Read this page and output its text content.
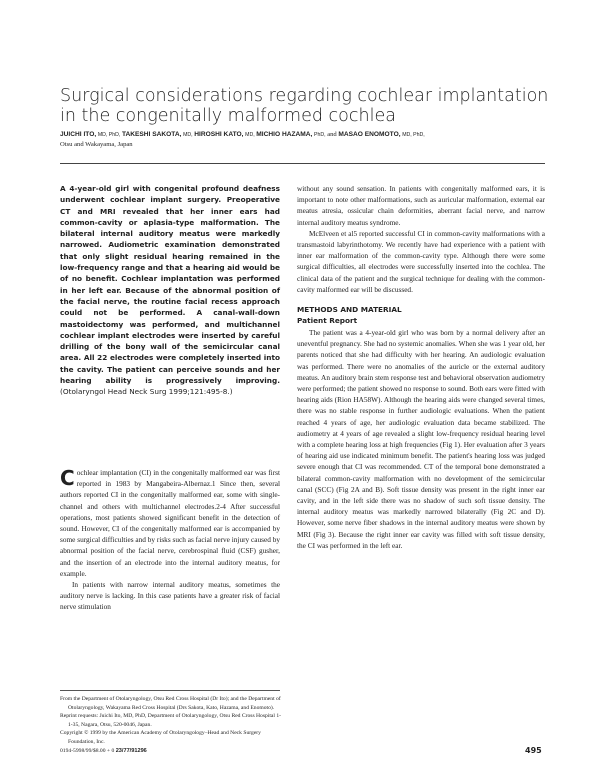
Surgical considerations regarding cochlear implantation in the congenitally malformed cochlea
JUICHI ITO, MD, PhD, TAKESHI SAKOTA, MD, HIROSHI KATO, MD, MICHIO HAZAMA, PhD, and MASAO ENOMOTO, MD, PhD,
Otsu and Wakayama, Japan

A 4-year-old girl with congenital profound deafness underwent cochlear implant surgery. Preoperative CT and MRI revealed that her inner ears had common-cavity or aplasia-type malformation. The bilateral internal auditory meatus were markedly narrowed. Audiometric examination demonstrated that only slight residual hearing remained in the low-frequency range and that a hearing aid would be of no benefit. Cochlear implantation was performed in her left ear. Because of the abnormal position of the facial nerve, the routine facial recess approach could not be performed. A canal-wall-down mastoidectomy was performed, and multichannel cochlear implant electrodes were inserted by careful drilling of the bony wall of the semicircular canal area. All 22 electrodes were completely inserted into the cavity. The patient can perceive sounds and her hearing ability is progressively improving. (Otolaryngol Head Neck Surg 1999;121:495-8.)

Cochlear implantation (CI) in the congenitally malformed ear was first reported in 1983 by Mangabeira-Albernaz.1 Since then, several authors reported CI in the congenitally malformed ear, some with single-channel and others with multichannel electrodes.2-4 After successful operations, most patients showed significant benefit in the detection of sound. However, CI of the congenitally malformed ear is accompanied by some surgical difficulties and by risks such as facial nerve injury caused by abnormal position of the facial nerve, cerebrospinal fluid (CSF) gusher, and the insertion of an electrode into the internal auditory meatus, for example.

In patients with narrow internal auditory meatus, sometimes the auditory nerve is lacking. In this case patients have a greater risk of facial nerve stimulation

without any sound sensation. In patients with congenitally malformed ears, it is important to note other malformations, such as auricular malformation, external ear meatus atresia, ossicular chain deformities, aberrant facial nerve, and narrow internal auditory meatus syndrome.

McElveen et al5 reported successful CI in common-cavity malformations with a transmastoid labyrinthotomy. We recently have had experience with a patient with inner ear malformation of the common-cavity type. Although there were some surgical difficulties, all electrodes were successfully inserted into the cochlea. The clinical data of the patient and the surgical technique for dealing with the common-cavity malformed ear will be discussed.

METHODS AND MATERIAL
Patient Report

The patient was a 4-year-old girl who was born by a normal delivery after an uneventful pregnancy. She had no systemic anomalies. When she was 1 year old, her parents noticed that she had difficulty with her hearing. An audiologic evaluation was performed. There were no anomalies of the auricle or the external auditory meatus. An auditory brain stem response test and behavioral observation audiometry were performed; the patient showed no response to sound. Both ears were fitted with hearing aids (Rion HA58W). Although the hearing aids were changed several times, there was no stable response in further audiologic evaluations. When the patient reached 4 years of age, her audiologic evaluation data became stabilized. The audiometry at 4 years of age revealed a slight low-frequency residual hearing level with a complete hearing loss at high frequencies (Fig 1). Her evaluation after 3 years of hearing aid use indicated minimum benefit. The patient's hearing loss was judged severe enough that CI was recommended. CT of the temporal bone demonstrated a bilateral common-cavity malformation with no development of the semicircular canal (SCC) (Fig 2A and B). Soft tissue density was present in the right inner ear cavity, and in the left side there was no shadow of such soft tissue density. The internal auditory meatus was markedly narrowed bilaterally (Fig 2C and D). However, some nerve fiber shadows in the internal auditory meatus were shown by MRI (Fig 3). Because the right inner ear cavity was filled with soft tissue density, the CI was performed in the left ear.

From the Department of Otolaryngology, Otsu Red Cross Hospital (Dr Ito); and the Department of Otolaryngology, Wakayama Red Cross Hospital (Drs Sakota, Kato, Hazama, and Enomoto).

Reprint requests: Juichi Ito, MD, PhD, Department of Otolaryngology, Otsu Red Cross Hospital 1-1-35, Nagara, Otsu, 520-0046, Japan.

Copyright © 1999 by the American Academy of Otolaryngology–Head and Neck Surgery Foundation, Inc.

0194-5998/99/$8.00 + 0 23/77/91296	495
